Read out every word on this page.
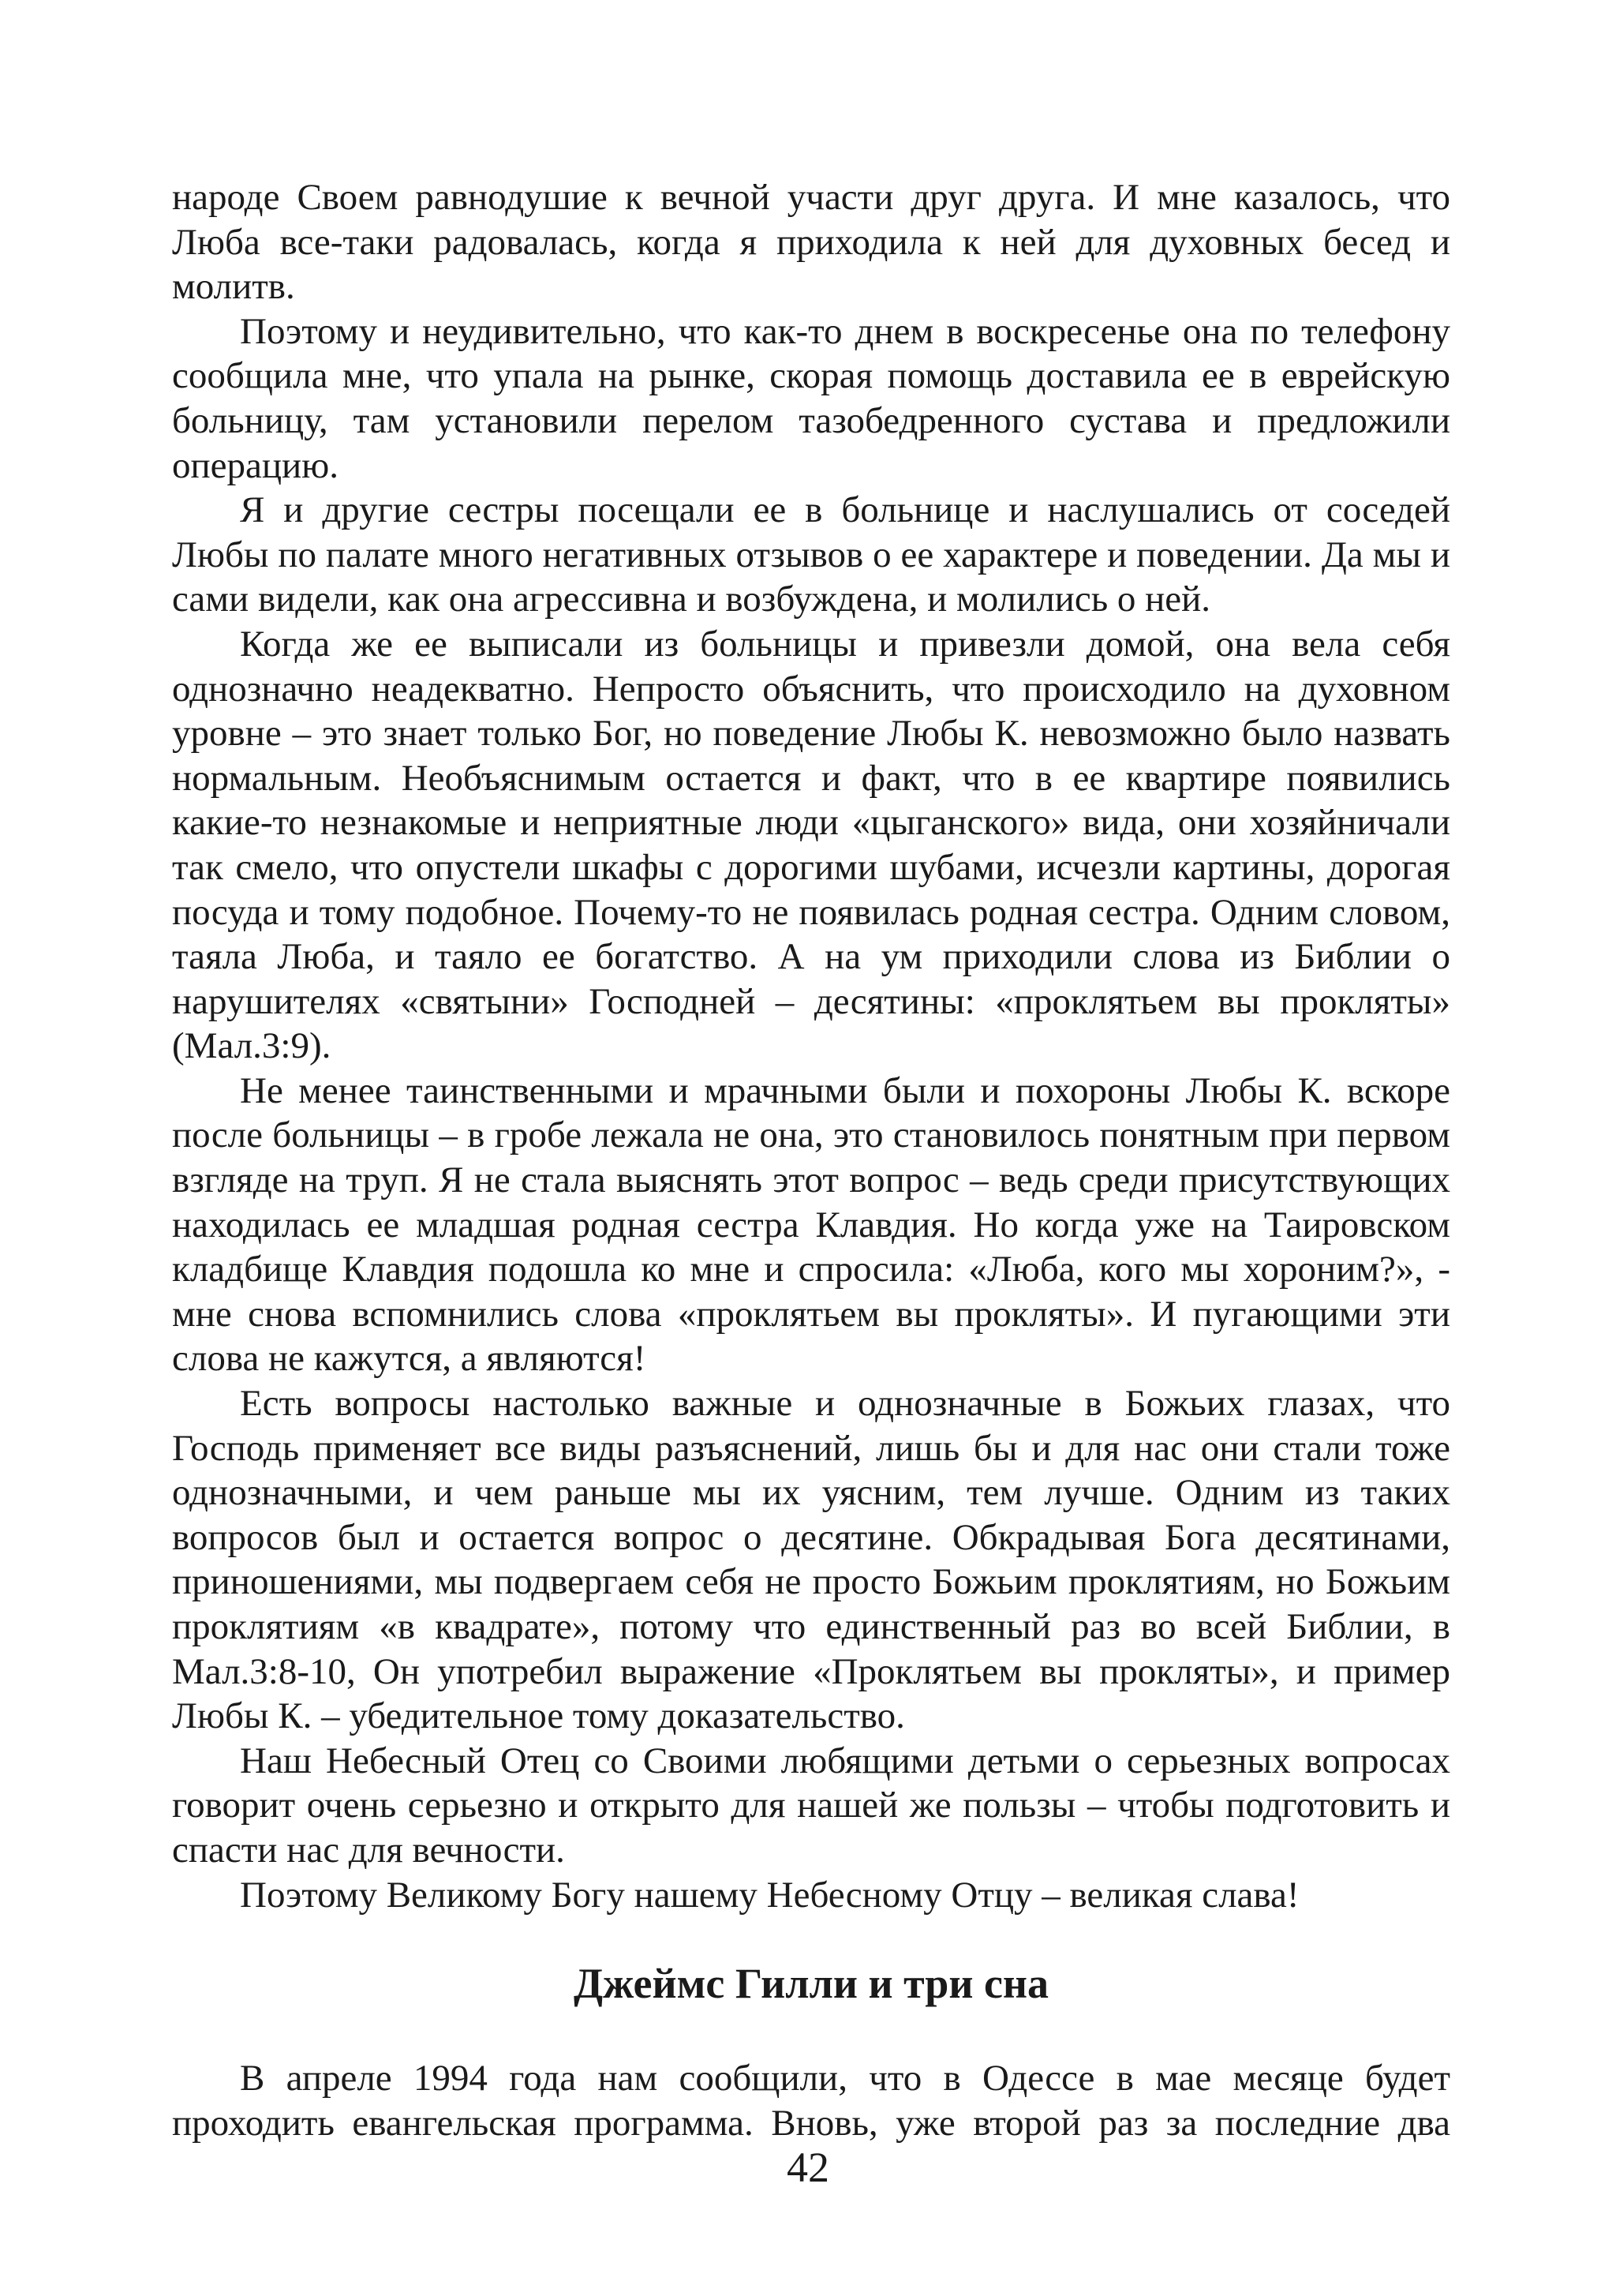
народе Своем равнодушие к вечной участи друг друга. И мне казалось, что Люба все-таки радовалась, когда я приходила к ней для духовных бесед и молитв.

Поэтому и неудивительно, что как-то днем в воскресенье она по телефону сообщила мне, что упала на рынке, скорая помощь доставила ее в еврейскую больницу, там установили перелом тазобедренного сустава и предложили операцию.

Я и другие сестры посещали ее в больнице и наслушались от соседей Любы по палате много негативных отзывов о ее характере и поведении. Да мы и сами видели, как она агрессивна и возбуждена, и молились о ней.

Когда же ее выписали из больницы и привезли домой, она вела себя однозначно неадекватно. Непросто объяснить, что происходило на духовном уровне – это знает только Бог, но поведение Любы К. невозможно было назвать нормальным. Необъяснимым остается и факт, что в ее квартире появились какие-то незнакомые и неприятные люди «цыганского» вида, они хозяйничали так смело, что опустели шкафы с дорогими шубами, исчезли картины, дорогая посуда и тому подобное. Почему-то не появилась родная сестра. Одним словом, таяла Люба, и таяло ее богатство. А на ум приходили слова из Библии о нарушителях «святыни» Господней – десятины: «проклятьем вы прокляты» (Мал.3:9).

Не менее таинственными и мрачными были и похороны Любы К. вскоре после больницы – в гробе лежала не она, это становилось понятным при первом взгляде на труп. Я не стала выяснять этот вопрос – ведь среди присутствующих находилась ее младшая родная сестра Клавдия. Но когда уже на Таировском кладбище Клавдия подошла ко мне и спросила: «Люба, кого мы хороним?», - мне снова вспомнились слова «проклятьем вы прокляты». И пугающими эти слова не кажутся, а являются!

Есть вопросы настолько важные и однозначные в Божьих глазах, что Господь применяет все виды разъяснений, лишь бы и для нас они стали тоже однозначными, и чем раньше мы их уясним, тем лучше. Одним из таких вопросов был и остается вопрос о десятине. Обкрадывая Бога десятинами, приношениями, мы подвергаем себя не просто Божьим проклятиям, но Божьим проклятиям «в квадрате», потому что единственный раз во всей Библии, в Мал.3:8-10, Он употребил выражение «Проклятьем вы прокляты», и пример Любы К. – убедительное тому доказательство.

Наш Небесный Отец со Своими любящими детьми о серьезных вопросах говорит очень серьезно и открыто для нашей же пользы – чтобы подготовить и спасти нас для вечности.

Поэтому Великому Богу нашему Небесному Отцу – великая слава!

Джеймс Гилли и три сна

В апреле 1994 года нам сообщили, что в Одессе в мае месяце будет проходить евангельская программа. Вновь, уже второй раз за последние два

42
